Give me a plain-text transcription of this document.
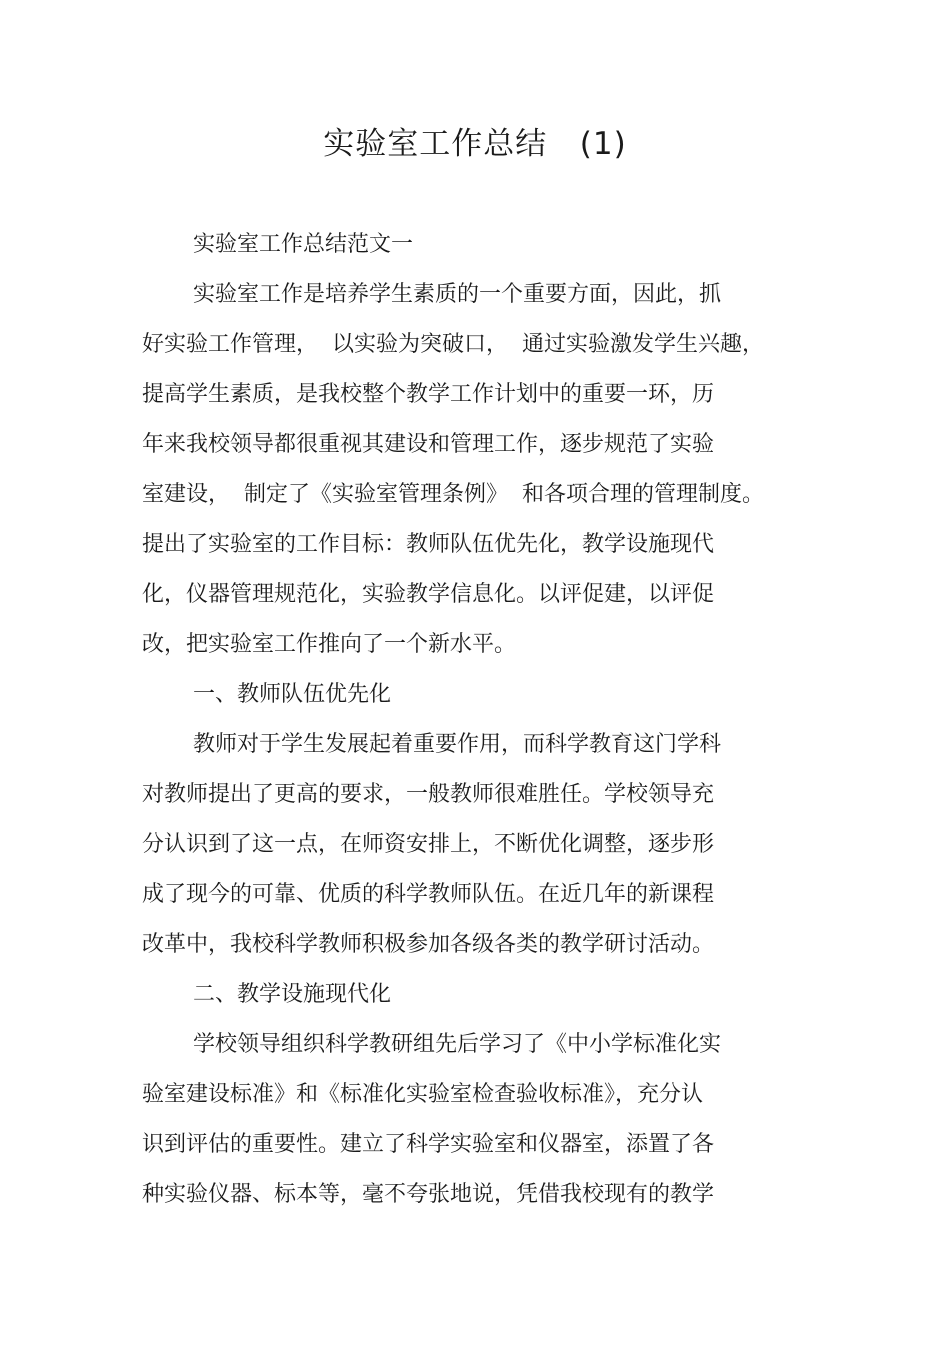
实验室工作总结   (1)
实验室工作总结范文一
实验室工作是培养学生素质的一个重要方面，因此，抓
好实验工作管理，  以实验为突破口，  通过实验激发学生兴趣，
提高学生素质，是我校整个教学工作计划中的重要一环，历
年来我校领导都很重视其建设和管理工作，逐步规范了实验
室建设，  制定了《实验室管理条例》  和各项合理的管理制度。
提出了实验室的工作目标：教师队伍优先化，教学设施现代
化，仪器管理规范化，实验教学信息化。以评促建，以评促
改，把实验室工作推向了一个新水平。
一、教师队伍优先化
教师对于学生发展起着重要作用，而科学教育这门学科
对教师提出了更高的要求，一般教师很难胜任。学校领导充
分认识到了这一点，在师资安排上，不断优化调整，逐步形
成了现今的可靠、优质的科学教师队伍。在近几年的新课程
改革中，我校科学教师积极参加各级各类的教学研讨活动。
二、教学设施现代化
学校领导组织科学教研组先后学习了《中小学标准化实
验室建设标准》和《标准化实验室检查验收标准》，充分认
识到评估的重要性。建立了科学实验室和仪器室，添置了各
种实验仪器、标本等，毫不夸张地说，凭借我校现有的教学
